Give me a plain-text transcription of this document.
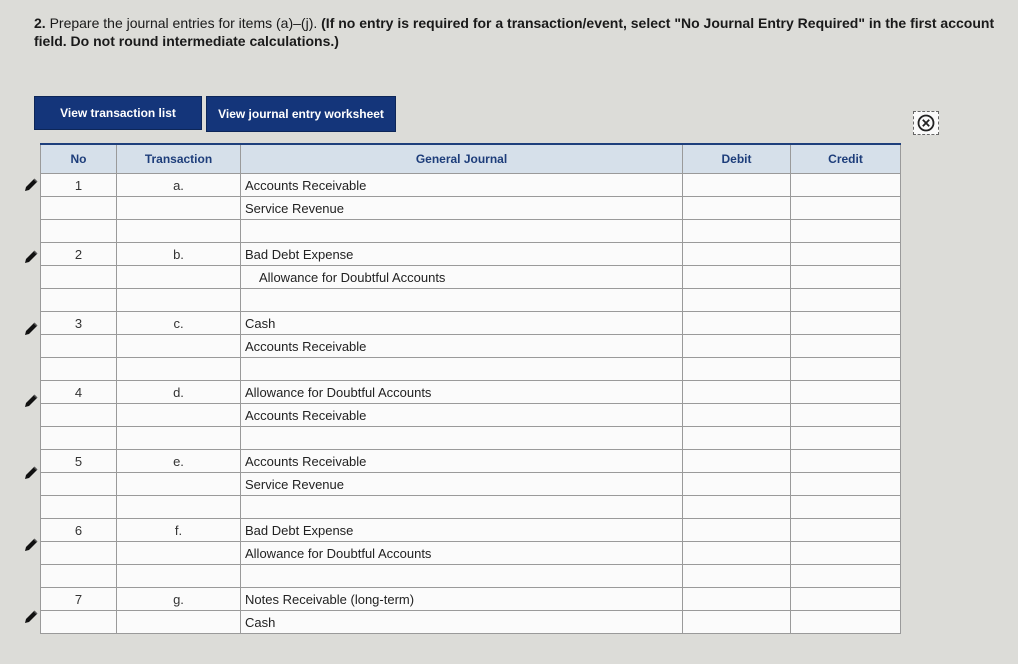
2. Prepare the journal entries for items (a)–(j). (If no entry is required for a transaction/event, select "No Journal Entry Required" in the first account field. Do not round intermediate calculations.)
View transaction list	View journal entry worksheet
No	Transaction	General Journal	Debit	Credit
1	a.	Accounts Receivable		
		Service Revenue		

2	b.	Bad Debt Expense		
		Allowance for Doubtful Accounts		

3	c.	Cash		
		Accounts Receivable		

4	d.	Allowance for Doubtful Accounts		
		Accounts Receivable		

5	e.	Accounts Receivable		
		Service Revenue		

6	f.	Bad Debt Expense		
		Allowance for Doubtful Accounts		

7	g.	Notes Receivable (long-term)		
		Cash		
